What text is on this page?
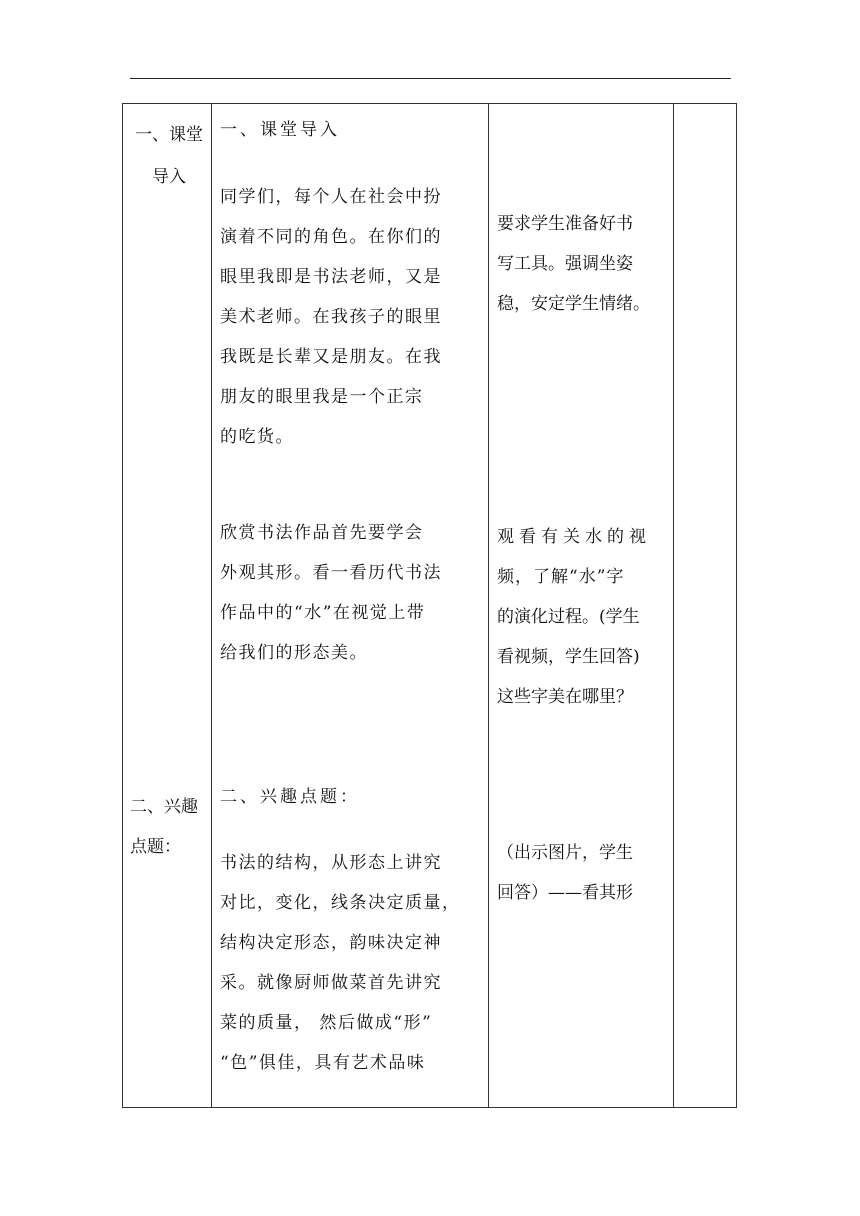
一、课堂
导入
二、兴趣
点题：
一、课堂导入
同学们，每个人在社会中扮
演着不同的角色。在你们的
眼里我即是书法老师，又是
美术老师。在我孩子的眼里
我既是长辈又是朋友。在我
朋友的眼里我是一个正宗
的吃货。
欣赏书法作品首先要学会
外观其形。看一看历代书法
作品中的“水”在视觉上带
给我们的形态美。
二、兴趣点题：
书法的结构，从形态上讲究
对比，变化，线条决定质量，
结构决定形态，韵味决定神
采。就像厨师做菜首先讲究
菜的质量， 然后做成“形”
“色”俱佳，具有艺术品味
要求学生准备好书
写工具。强调坐姿
稳，安定学生情绪。
观看有关水的视
频，了解“水”字
的演化过程。(学生
看视频，学生回答)
这些字美在哪里？
（出示图片，学生
回答）——看其形
